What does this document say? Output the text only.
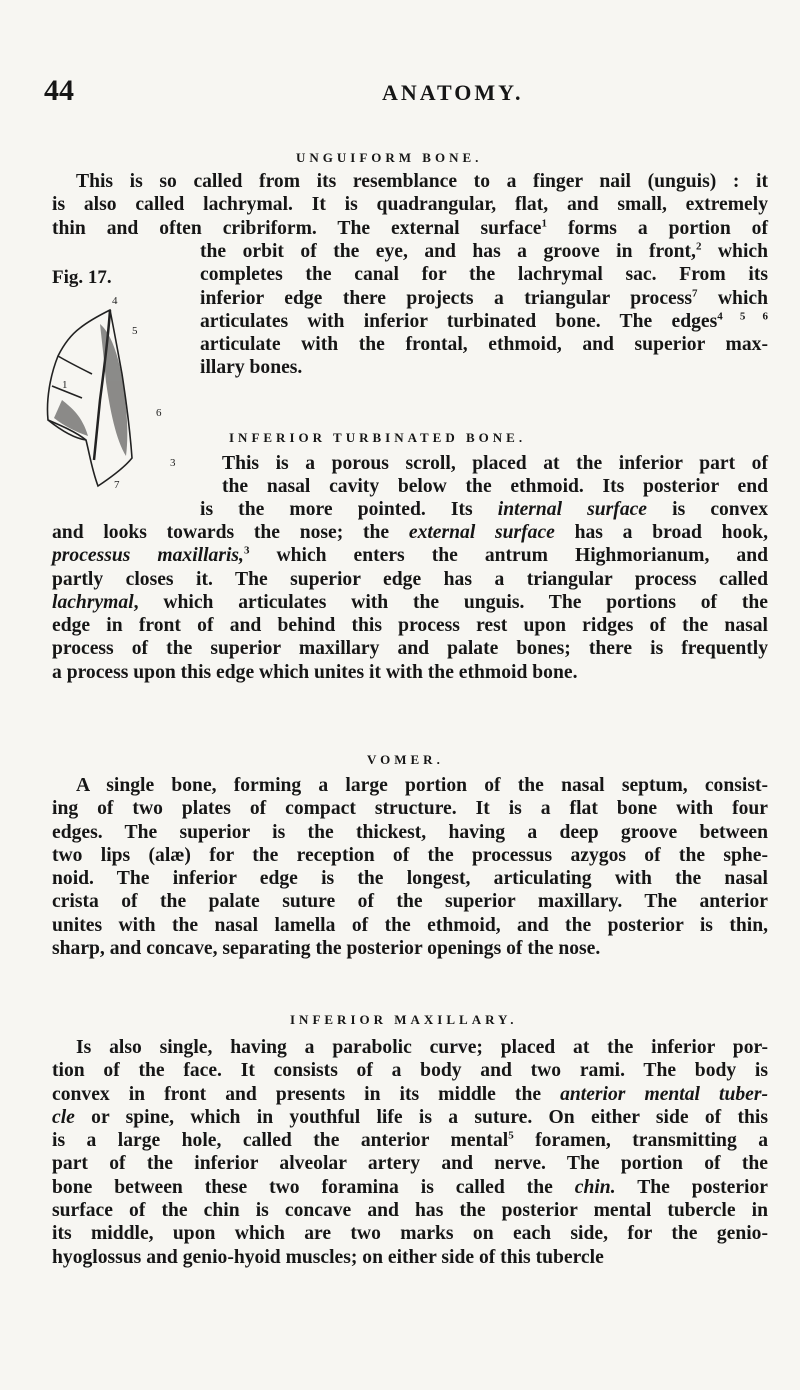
44	ANATOMY.
UNGUIFORM BONE.
This is so called from its resemblance to a finger nail (unguis) : it
is also called lachrymal. It is quadrangular, flat, and small, extremely
thin and often cribriform. The external surface$^1$ forms a portion of
the orbit of the eye, and has a groove in front,$^2$ which
completes the canal for the lachrymal sac. From its
inferior edge there projects a triangular process$^7$ which
articulates with inferior turbinated bone. The edges$^{4 5 6}$
articulate with the frontal, ethmoid, and superior max-
illary bones.
Fig. 17.
4
5
1
6
3
7
INFERIOR TURBINATED BONE.
This is a porous scroll, placed at the inferior part of
the nasal cavity below the ethmoid. Its posterior end
is the more pointed. Its internal surface is convex
and looks towards the nose; the external surface has a broad hook,
processus maxillaris,$^3$ which enters the antrum Highmorianum, and
partly closes it. The superior edge has a triangular process called
lachrymal, which articulates with the unguis. The portions of the
edge in front of and behind this process rest upon ridges of the nasal
process of the superior maxillary and palate bones; there is frequently
a process upon this edge which unites it with the ethmoid bone.
VOMER.
A single bone, forming a large portion of the nasal septum, consist-
ing of two plates of compact structure. It is a flat bone with four
edges. The superior is the thickest, having a deep groove between
two lips (alæ) for the reception of the processus azygos of the sphe-
noid. The inferior edge is the longest, articulating with the nasal
crista of the palate suture of the superior maxillary. The anterior
unites with the nasal lamella of the ethmoid, and the posterior is thin,
sharp, and concave, separating the posterior openings of the nose.
INFERIOR MAXILLARY.
Is also single, having a parabolic curve; placed at the inferior por-
tion of the face. It consists of a body and two rami. The body is
convex in front and presents in its middle the anterior mental tuber-
cle or spine, which in youthful life is a suture. On either side of this
is a large hole, called the anterior mental$^5$ foramen, transmitting a
part of the inferior alveolar artery and nerve. The portion of the
bone between these two foramina is called the chin. The posterior
surface of the chin is concave and has the posterior mental tubercle in
its middle, upon which are two marks on each side, for the genio-
hyoglossus and genio-hyoid muscles; on either side of this tubercle
